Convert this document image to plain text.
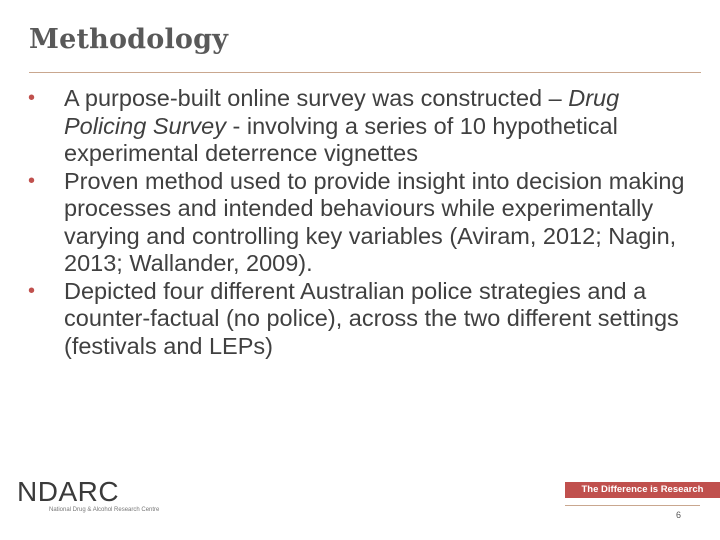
Methodology
•	A purpose-built online survey was constructed – Drug Policing Survey - involving a series of 10 hypothetical experimental deterrence vignettes
•	Proven method used to provide insight into decision making processes and intended behaviours while experimentally varying and controlling key variables (Aviram, 2012; Nagin, 2013; Wallander, 2009).
•	Depicted four different Australian police strategies and a counter-factual (no police), across the two different settings (festivals and LEPs)
NDARC
National Drug & Alcohol Research Centre
The Difference is Research
6
